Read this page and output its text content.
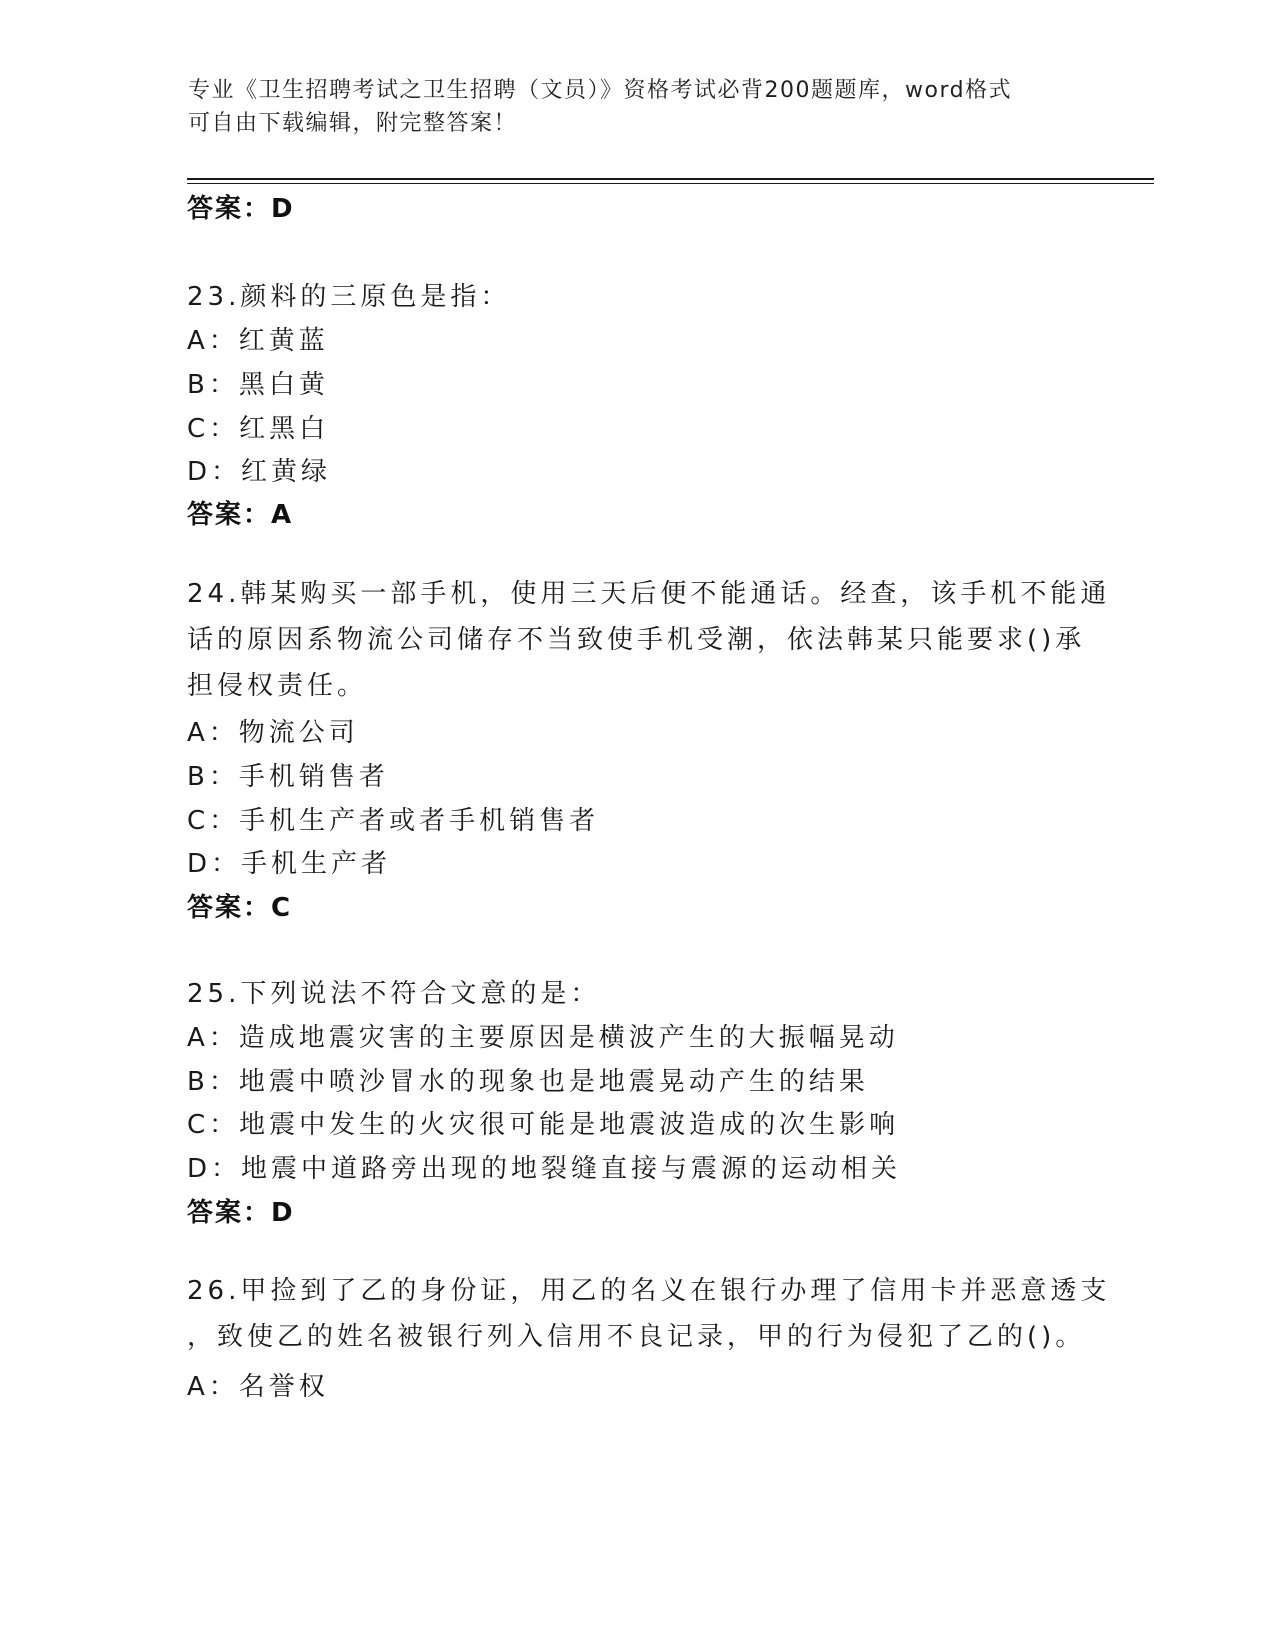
专业《卫生招聘考试之卫生招聘（文员）》资格考试必背200题题库，word格式
可自由下载编辑，附完整答案！
答案：D
23.颜料的三原色是指：
A：红黄蓝
B：黑白黄
C：红黑白
D：红黄绿
答案：A
24.韩某购买一部手机，使用三天后便不能通话。经查，该手机不能通
话的原因系物流公司储存不当致使手机受潮，依法韩某只能要求()承
担侵权责任。
A：物流公司
B：手机销售者
C：手机生产者或者手机销售者
D：手机生产者
答案：C
25.下列说法不符合文意的是：
A：造成地震灾害的主要原因是横波产生的大振幅晃动
B：地震中喷沙冒水的现象也是地震晃动产生的结果
C：地震中发生的火灾很可能是地震波造成的次生影响
D：地震中道路旁出现的地裂缝直接与震源的运动相关
答案：D
26.甲捡到了乙的身份证，用乙的名义在银行办理了信用卡并恶意透支
，致使乙的姓名被银行列入信用不良记录，甲的行为侵犯了乙的()。
A：名誉权
